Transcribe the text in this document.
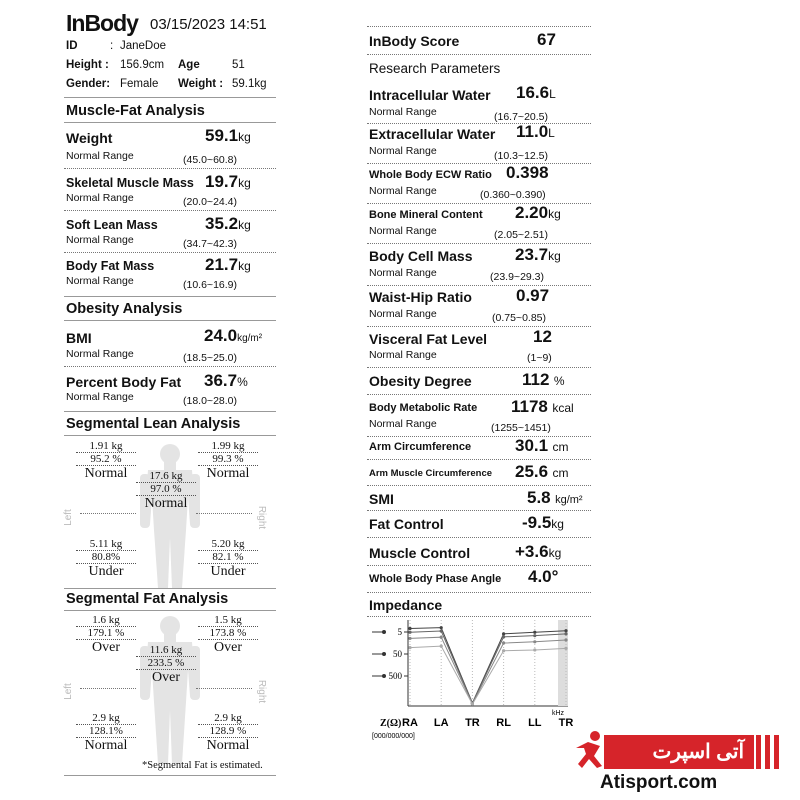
InBody 03/15/2023 14:51
ID	: JaneDoe
Height : 156.9cm Age	51
Gender: Female Weight : 59.1kg
Muscle-Fat Analysis
Weight	59.1kg
Normal Range	(45.0~60.8)
Skeletal Muscle Mass 19.7kg
Normal Range	(20.0~24.4)
Soft Lean Mass	35.2kg
Normal Range	(34.7~42.3)
Body Fat Mass	21.7kg
Normal Range	(10.6~16.9)
Obesity Analysis
BMI	24.0kg/m²
Normal Range	(18.5~25.0)
Percent Body Fat 36.7%
Normal Range	(18.0~28.0)
Segmental Lean Analysis
Left	Right
1.91 kg
95.2 %
Normal
1.99 kg
99.3 %
Normal
17.6 kg
97.0 %
Normal
5.11 kg
80.8%
Under
5.20 kg
82.1 %
Under
Segmental Fat Analysis
Left	Right
1.6 kg
179.1 %
Over
1.5 kg
173.8 %
Over
11.6 kg
233.5 %
Over
2.9 kg
128.1%
Normal
2.9 kg
128.9 %
Normal
*Segmental Fat is estimated.
InBody Score	67
Research Parameters
Intracellular Water 16.6L
Normal Range	(16.7~20.5)
Extracellular Water 11.0L
Normal Range	(10.3~12.5)
Whole Body ECW Ratio 0.398
Normal Range	(0.360~0.390)
Bone Mineral Content 2.20kg
Normal Range	(2.05~2.51)
Body Cell Mass	23.7kg
Normal Range	(23.9~29.3)
Waist-Hip Ratio	0.97
Normal Range	(0.75~0.85)
Visceral Fat Level	12
Normal Range	(1~9)
Obesity Degree	112 %
Body Metabolic Rate 1178 kcal
Normal Range	(1255~1451)
Arm Circumference	30.1 cm
Arm Muscle Circumference 25.6 cm
SMI	5.8 kg/m²
Fat Control	-9.5kg
Muscle Control	+3.6kg
Whole Body Phase Angle 4.0°
Impedance
5
50
500
kHz
Z(Ω) RA LA TR RL LL TR
[000/000/000]
آتی اسپرت
Atisport.com
